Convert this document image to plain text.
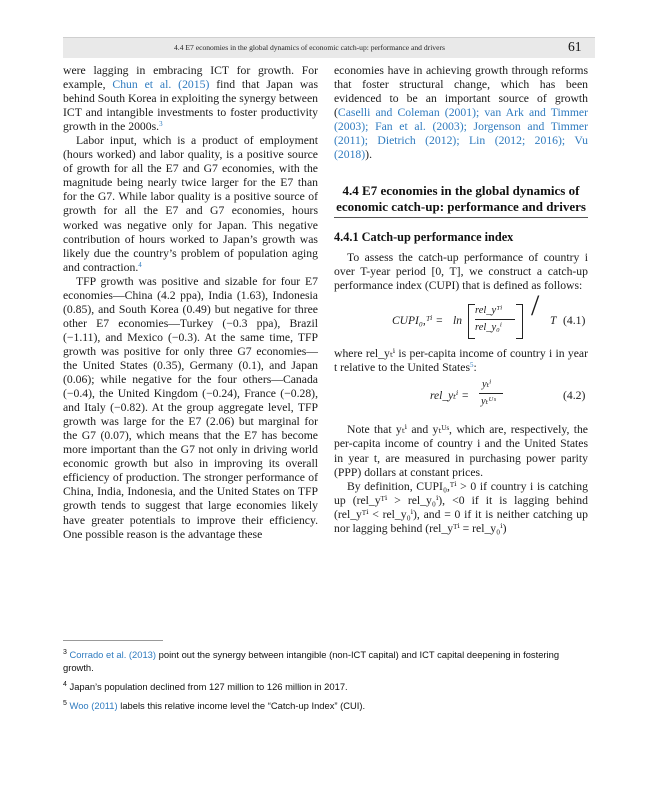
4.4 E7 economies in the global dynamics of economic catch-up: performance and drivers	61

were lagging in embracing ICT for growth. For example, Chun et al. (2015) find that Japan was behind South Korea in exploiting the synergy between ICT and intangible investments to foster productivity growth in the 2000s.$^3$

Labor input, which is a product of employment (hours worked) and labor quality, is a positive source of growth for all the E7 and G7 economies, with the magnitude being nearly twice larger for the E7 than for the G7. While labor quality is a positive source of growth for all the E7 and G7 economies, hours worked was negative only for Japan. This negative contribution of hours worked to Japan’s growth was likely due the country’s problem of population aging and contraction.$^4$

TFP growth was positive and sizable for four E7 economies—China (4.2 ppa), India (1.63), Indonesia (0.85), and South Korea (0.49) but negative for three other E7 economies—Turkey (−0.3 ppa), Brazil (−1.11), and Mexico (−0.3). At the same time, TFP growth was positive for only three G7 economies—the United States (0.35), Germany (0.1), and Japan (0.06); while negative for the four others—Canada (−0.4), the United Kingdom (−0.24), France (−0.28), and Italy (−0.82). At the group aggregate level, TFP growth was large for the E7 (2.06) but marginal for the G7 (0.07), which means that the E7 has become more important than the G7 not only in driving world economic growth but also in improving its overall efficiency of production. The stronger performance of China, India, Indonesia, and the United States on TFP growth tends to suggest that large economies likely have greater potentials to improve their efficiency. One possible reason is the advantage these

economies have in achieving growth through reforms that foster structural change, which has been evidenced to be an important source of growth (Caselli and Coleman (2001); van Ark and Timmer (2003); Fan et al. (2003); Jorgenson and Timmer (2011); Dietrich (2012); Lin (2012; 2016); Vu (2018)).

4.4 E7 economies in the global dynamics of economic catch-up: performance and drivers
4.4.1 Catch-up performance index

To assess the catch-up performance of country i over T-year period [0, T], we construct a catch-up performance index (CUPI) that is defined as follows:

CUPI₀,ᵀⁱ = ln
rel_yᵀⁱ
rel_y₀ⁱ
/ T (4.1)

where rel_yₜⁱ is per-capita income of country i in year t relative to the United States$^5$:

rel_yₜⁱ =
yₜⁱ
yₜᵁˢ	(4.2)

Note that yₜⁱ and yₜᵁˢ, which are, respectively, the per-capita income of country i and the United States in year t, are measured in purchasing power parity (PPP) dollars at constant prices.

By definition, CUPI₀,ᵀⁱ > 0 if country i is catching up (rel_yᵀⁱ > rel_y₀ⁱ), <0 if it is lagging behind (rel_yᵀⁱ < rel_y₀ⁱ), and = 0 if it is neither catching up nor lagging behind (rel_yᵀⁱ = rel_y₀ⁱ)

$^3$ Corrado et al. (2013) point out the synergy between intangible (non-ICT capital) and ICT capital deepening in fostering growth.

$^4$ Japan’s population declined from 127 million to 126 million in 2017.

$^5$ Woo (2011) labels this relative income level the “Catch-up Index” (CUI).
